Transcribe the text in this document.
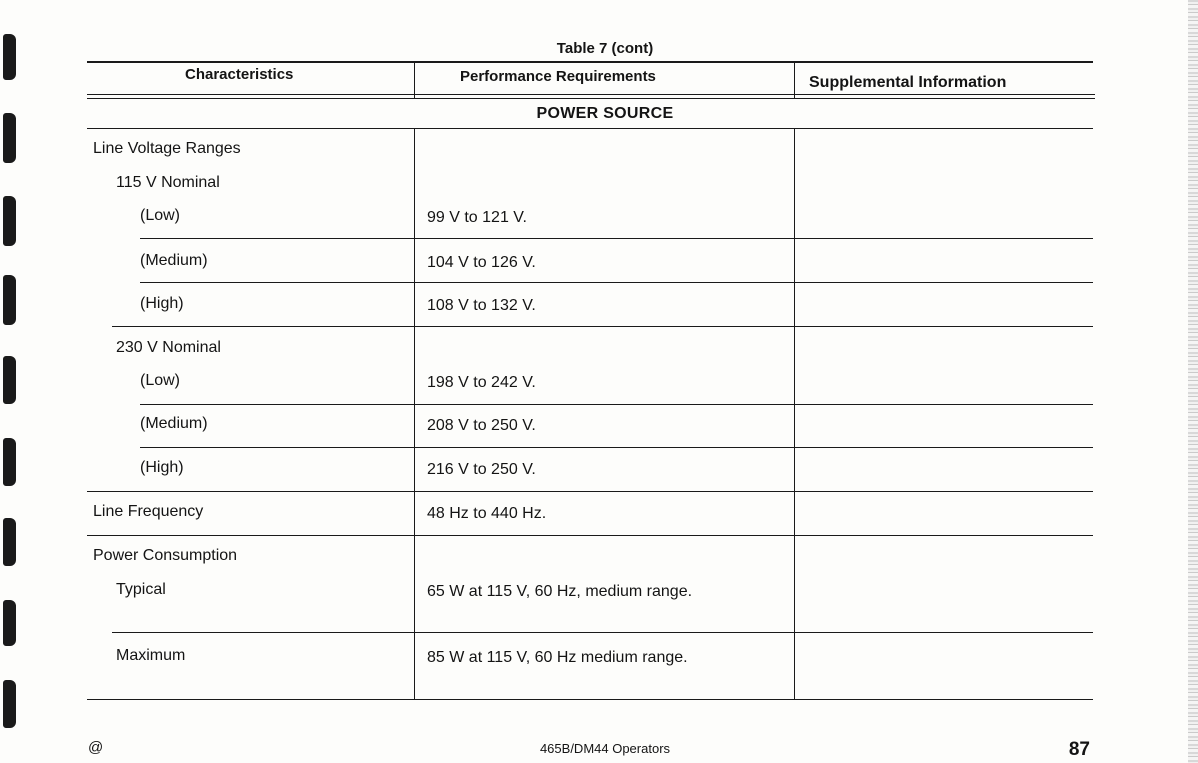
Table 7 (cont)
Characteristics	Performance Requirements	Supplemental Information
POWER SOURCE
Line Voltage Ranges
115 V Nominal
(Low)	99 V to 121 V.
(Medium)	104 V to 126 V.
(High)	108 V to 132 V.
230 V Nominal
(Low)	198 V to 242 V.
(Medium)	208 V to 250 V.
(High)	216 V to 250 V.
Line Frequency	48 Hz to 440 Hz.
Power Consumption
Typical	65 W at 115 V, 60 Hz, medium range.
Maximum	85 W at 115 V, 60 Hz medium range.
@	465B/DM44 Operators	87
